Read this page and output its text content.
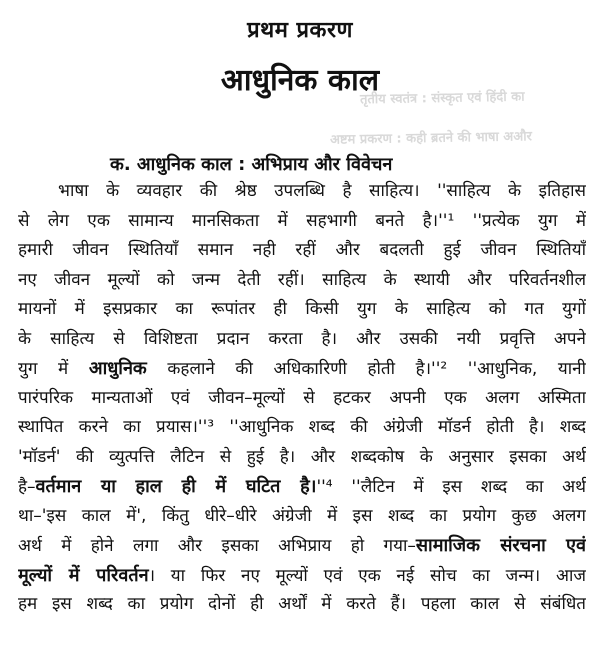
तृतीय स्वतंत्र : संस्कृत एवं हिंदी का
अष्टम प्रकरण : कही ब्रतने की भाषा अऔर
प्रथम प्रकरण
आधुनिक काल
क. आधुनिक काल : अभिप्राय और विवेचन
भाषा के व्यवहार की श्रेष्ठ उपलब्धि है साहित्य। ''साहित्य के इतिहास
से लेग एक सामान्य मानसिकता में सहभागी बनते है।''¹ ''प्रत्येक युग में
हमारी जीवन स्थितियाँ समान नही रहीं और बदलती हुई जीवन स्थितियाँ
नए जीवन मूल्यों को जन्म देती रहीं। साहित्य के स्थायी और परिवर्तनशील
मायनों में इसप्रकार का रूपांतर ही किसी युग के साहित्य को गत युगों
के साहित्य से विशिष्टता प्रदान करता है। और उसकी नयी प्रवृत्ति अपने
युग में आधुनिक कहलाने की अधिकारिणी होती है।''² ''आधुनिक, यानी
पारंपरिक मान्यताओं एवं जीवन–मूल्यों से हटकर अपनी एक अलग अस्मिता
स्थापित करने का प्रयास।''³ ''आधुनिक शब्द की अंग्रेजी मॉडर्न होती है। शब्द
'मॉडर्न' की व्युत्पत्ति लैटिन से हुई है। और शब्दकोष के अनुसार इसका अर्थ
है–वर्तमान या हाल ही में घटित है।''⁴ ''लैटिन में इस शब्द का अर्थ
था–'इस काल में', किंतु धीरे–धीरे अंग्रेजी में इस शब्द का प्रयोग कुछ अलग
अर्थ में होने लगा और इसका अभिप्राय हो गया–सामाजिक संरचना एवं
मूल्यों में परिवर्तन। या फिर नए मूल्यों एवं एक नई सोच का जन्म। आज
हम इस शब्द का प्रयोग दोनों ही अर्थों में करते हैं। पहला काल से संबंधित
